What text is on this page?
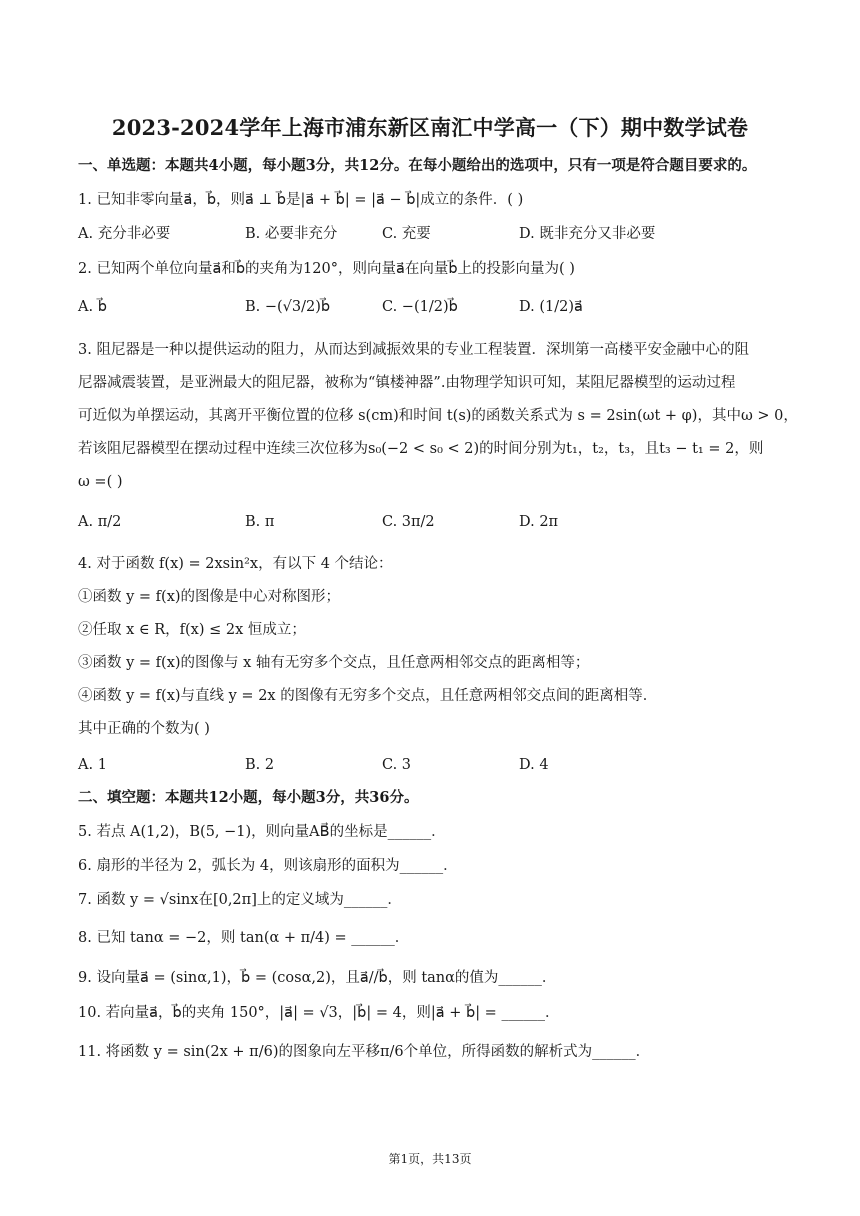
2023-2024学年上海市浦东新区南汇中学高一（下）期中数学试卷
一、单选题：本题共4小题，每小题3分，共12分。在每小题给出的选项中，只有一项是符合题目要求的。
1. 已知非零向量a⃗，b⃗，则a⃗ ⊥ b⃗是|a⃗ + b⃗| = |a⃗ − b⃗|成立的条件．( )
A. 充分非必要	B. 必要非充分	C. 充要	D. 既非充分又非必要
2. 已知两个单位向量a⃗和b⃗的夹角为120°，则向量a⃗在向量b⃗上的投影向量为( )
A. b⃗	B. −(√3/2)b⃗	C. −(1/2)b⃗	D. (1/2)a⃗
3. 阻尼器是一种以提供运动的阻力，从而达到减振效果的专业工程装置．深圳第一高楼平安金融中心的阻
尼器减震装置，是亚洲最大的阻尼器，被称为“镇楼神器”.由物理学知识可知，某阻尼器模型的运动过程
可近似为单摆运动，其离开平衡位置的位移 s(cm)和时间 t(s)的函数关系式为 s = 2sin(ωt + φ)，其中ω > 0，
若该阻尼器模型在摆动过程中连续三次位移为s₀(−2 < s₀ < 2)的时间分别为t₁，t₂，t₃，且t₃ − t₁ = 2，则
ω =( )
A. π/2	B. π	C. 3π/2	D. 2π
4. 对于函数 f(x) = 2xsin²x，有以下 4 个结论：
①函数 y = f(x)的图像是中心对称图形；
②任取 x ∈ R，f(x) ≤ 2x 恒成立；
③函数 y = f(x)的图像与 x 轴有无穷多个交点，且任意两相邻交点的距离相等；
④函数 y = f(x)与直线 y = 2x 的图像有无穷多个交点，且任意两相邻交点间的距离相等．
其中正确的个数为( )
A. 1	B. 2	C. 3	D. 4
二、填空题：本题共12小题，每小题3分，共36分。
5. 若点 A(1,2)，B(5, −1)，则向量AB⃗的坐标是______．
6. 扇形的半径为 2，弧长为 4，则该扇形的面积为______．
7. 函数 y = √sinx在[0,2π]上的定义域为______．
8. 已知 tanα = −2，则 tan(α + π/4) = ______．
9. 设向量a⃗ = (sinα,1)，b⃗ = (cosα,2)，且a⃗//b⃗，则 tanα的值为______．
10. 若向量a⃗，b⃗的夹角 150°，|a⃗| = √3，|b⃗| = 4，则|a⃗ + b⃗| = ______．
11. 将函数 y = sin(2x + π/6)的图象向左平移π/6个单位，所得函数的解析式为______．
第1页，共13页
